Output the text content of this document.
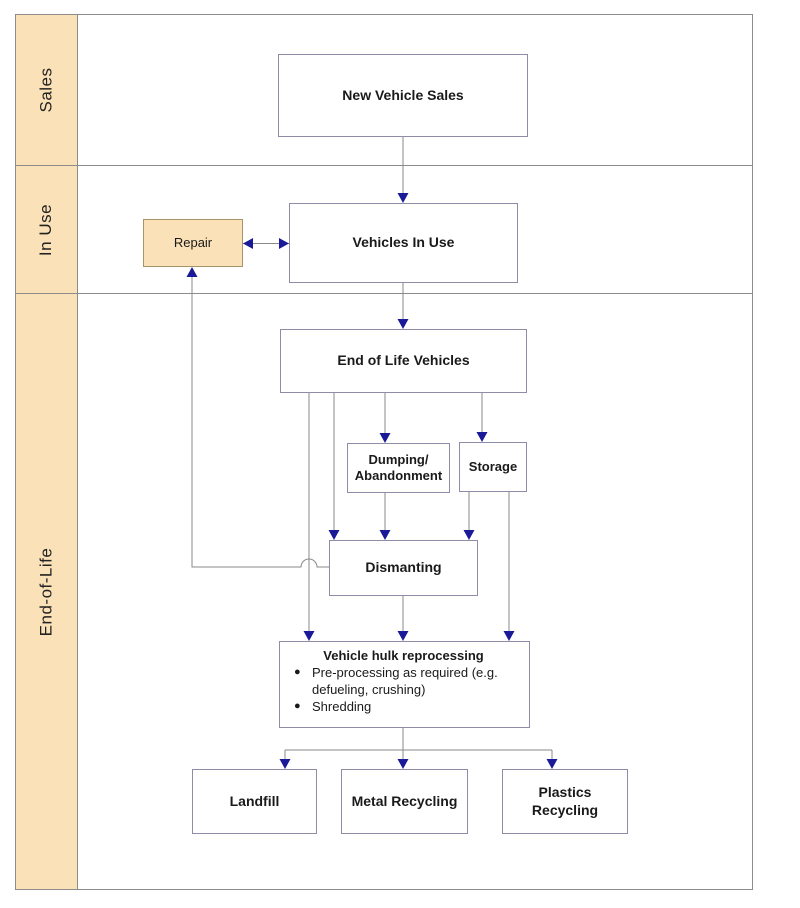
Sales
In Use
End-of-Life
New Vehicle Sales
Vehicles In Use
Repair
End of Life Vehicles
Dumping/ Abandonment
Storage
Dismanting
Vehicle hulk reprocessing
● Pre-processing as required (e.g. defueling, crushing)
● Shredding
Landfill	Metal Recycling
Plastics Recycling
